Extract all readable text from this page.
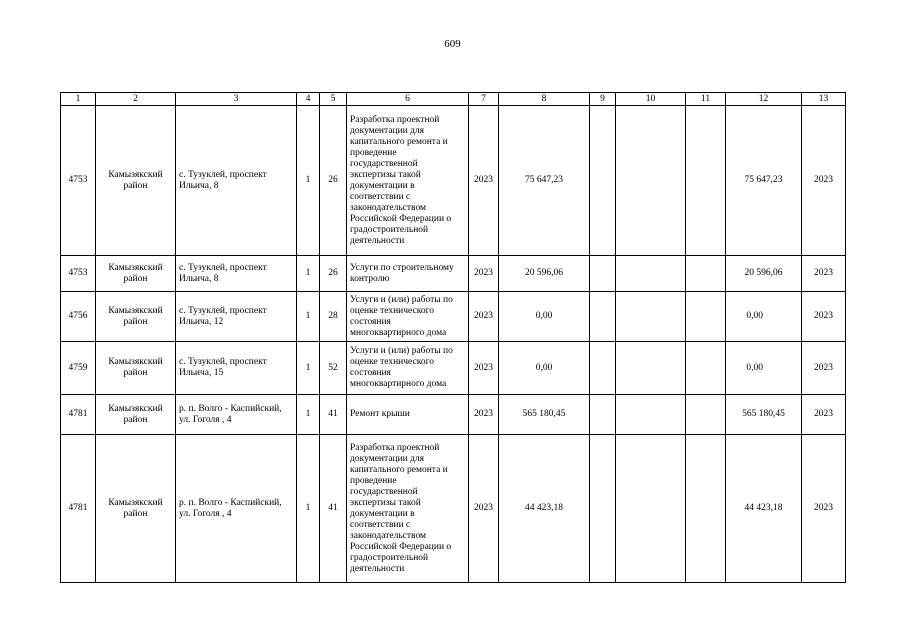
609
1	2	3	4	5	6	7	8	9	10	11	12	13
4753	Камызякский район	с. Тузуклей, проспект Ильича, 8	1	26	Разработка проектной документации для капитального ремонта и проведение государственной экспертизы такой документации в соответствии с законодательством Российской Федерации о градостроительной деятельности	2023	75 647,23				75 647,23	2023
4753	Камызякский район	с. Тузуклей, проспект Ильича, 8	1	26	Услуги по строительному контролю	2023	20 596,06				20 596,06	2023
4756	Камызякский район	с. Тузуклей, проспект Ильича, 12	1	28	Услуги и (или) работы по оценке технического состояния многоквартирного дома	2023	0,00				0,00	2023
4759	Камызякский район	с. Тузуклей, проспект Ильича, 15	1	52	Услуги и (или) работы по оценке технического состояния многоквартирного дома	2023	0,00				0,00	2023
4781	Камызякский район	р. п. Волго - Каспийский, ул. Гоголя , 4	1	41	Ремонт крыши	2023	565 180,45				565 180,45	2023
4781	Камызякский район	р. п. Волго - Каспийский, ул. Гоголя , 4	1	41	Разработка проектной документации для капитального ремонта и проведение государственной экспертизы такой документации в соответствии с законодательством Российской Федерации о градостроительной деятельности	2023	44 423,18				44 423,18	2023
